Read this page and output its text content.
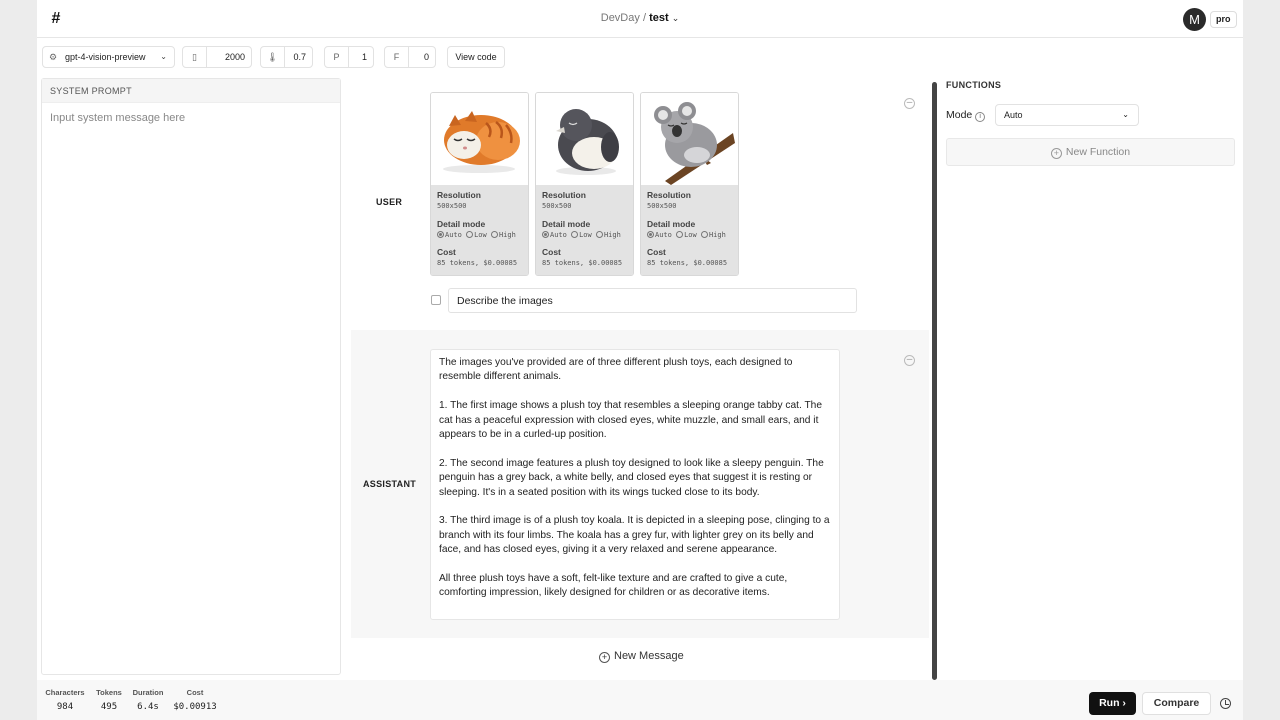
#	DevDay / test ⌄	M	pro
⚙ gpt-4-vision-preview ⌄	▯	2000	🌡︎	0.7	P	1	F	0	View code
SYSTEM PROMPT
Input system message here
USER
–
Resolution
500x500
Detail mode
Auto Low High
Cost
85 tokens, $0.00085
Resolution
500x500
Detail mode
Auto Low High
Cost
85 tokens, $0.00085
Resolution
500x500
Detail mode
Auto Low High
Cost
85 tokens, $0.00085
Describe the images
ASSISTANT
–

The images you've provided are of three different plush toys, each designed to resemble different animals.

1. The first image shows a plush toy that resembles a sleeping orange tabby cat. The cat has a peaceful expression with closed eyes, white muzzle, and small ears, and it appears to be in a curled-up position.

2. The second image features a plush toy designed to look like a sleepy penguin. The penguin has a grey back, a white belly, and closed eyes that suggest it is resting or sleeping. It's in a seated position with its wings tucked close to its body.

3. The third image is of a plush toy koala. It is depicted in a sleeping pose, clinging to a branch with its four limbs. The koala has a grey fur, with lighter grey on its belly and face, and has closed eyes, giving it a very relaxed and serene appearance.

All three plush toys have a soft, felt-like texture and are crafted to give a cute, comforting impression, likely designed for children or as decorative items.

+ New Message
FUNCTIONS
Mode i	Auto	⌄
+ New Function
Characters
984
Tokens
495
Duration
6.4s
Cost
$0.00913	Run ›	Compare
